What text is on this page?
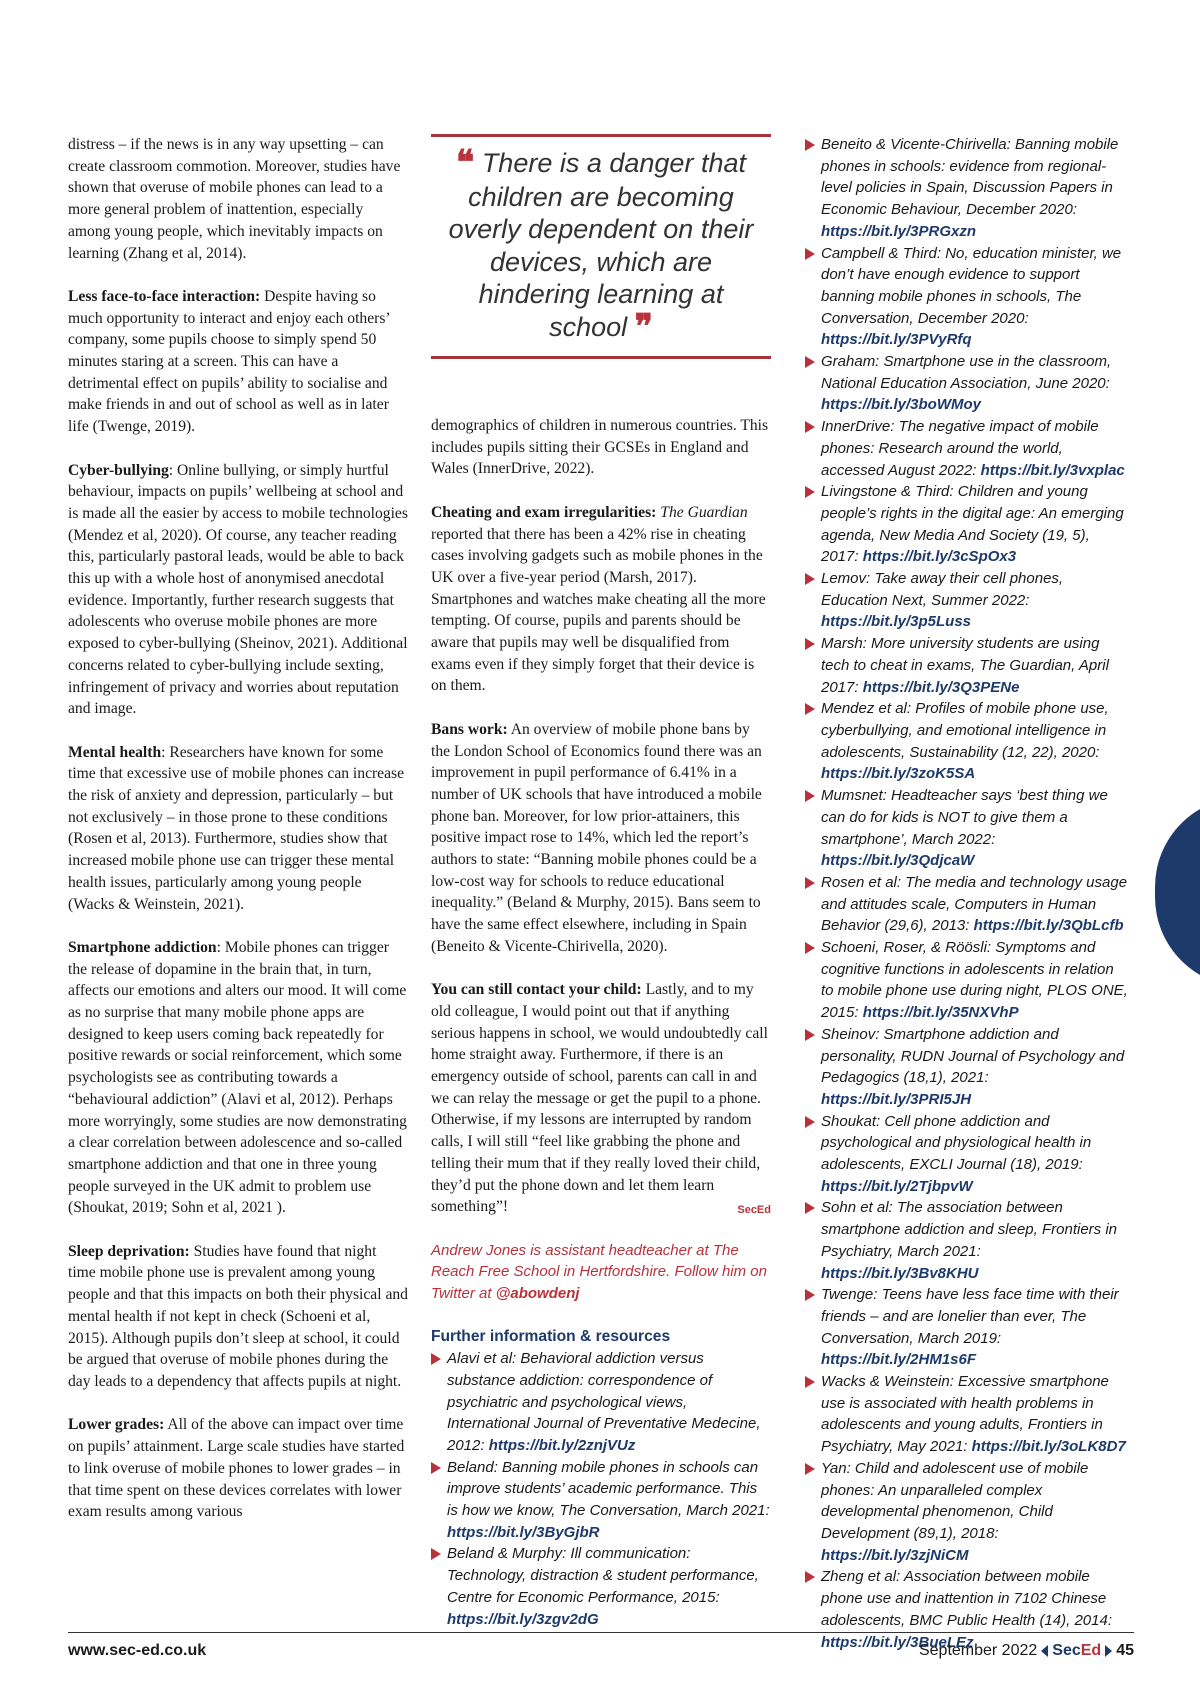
distress – if the news is in any way upsetting – can create classroom commotion. Moreover, studies have shown that overuse of mobile phones can lead to a more general problem of inattention, especially among young people, which inevitably impacts on learning (Zhang et al, 2014).

Less face-to-face interaction: Despite having so much opportunity to interact and enjoy each others’ company, some pupils choose to simply spend 50 minutes staring at a screen. This can have a detrimental effect on pupils’ ability to socialise and make friends in and out of school as well as in later life (Twenge, 2019).

Cyber-bullying: Online bullying, or simply hurtful behaviour, impacts on pupils’ wellbeing at school and is made all the easier by access to mobile technologies (Mendez et al, 2020). Of course, any teacher reading this, particularly pastoral leads, would be able to back this up with a whole host of anonymised anecdotal evidence. Importantly, further research suggests that adolescents who overuse mobile phones are more exposed to cyber-bullying (Sheinov, 2021). Additional concerns related to cyber-bullying include sexting, infringement of privacy and worries about reputation and image.

Mental health: Researchers have known for some time that excessive use of mobile phones can increase the risk of anxiety and depression, particularly – but not exclusively – in those prone to these conditions (Rosen et al, 2013). Furthermore, studies show that increased mobile phone use can trigger these mental health issues, particularly among young people (Wacks & Weinstein, 2021).

Smartphone addiction: Mobile phones can trigger the release of dopamine in the brain that, in turn, affects our emotions and alters our mood. It will come as no surprise that many mobile phone apps are designed to keep users coming back repeatedly for positive rewards or social reinforcement, which some psychologists see as contributing towards a “behavioural addiction” (Alavi et al, 2012). Perhaps more worryingly, some studies are now demonstrating a clear correlation between adolescence and so-called smartphone addiction and that one in three young people surveyed in the UK admit to problem use (Shoukat, 2019; Sohn et al, 2021 ).

Sleep deprivation: Studies have found that night time mobile phone use is prevalent among young people and that this impacts on both their physical and mental health if not kept in check (Schoeni et al, 2015). Although pupils don’t sleep at school, it could be argued that overuse of mobile phones during the day leads to a dependency that affects pupils at night.

Lower grades: All of the above can impact over time on pupils’ attainment. Large scale studies have started to link overuse of mobile phones to lower grades – in that time spent on these devices correlates with lower exam results among various

❝ There is a danger that children are becoming overly dependent on their devices, which are hindering learning at school ❞

demographics of children in numerous countries. This includes pupils sitting their GCSEs in England and Wales (InnerDrive, 2022).

Cheating and exam irregularities: The Guardian reported that there has been a 42% rise in cheating cases involving gadgets such as mobile phones in the UK over a five-year period (Marsh, 2017). Smartphones and watches make cheating all the more tempting. Of course, pupils and parents should be aware that pupils may well be disqualified from exams even if they simply forget that their device is on them.

Bans work: An overview of mobile phone bans by the London School of Economics found there was an improvement in pupil performance of 6.41% in a number of UK schools that have introduced a mobile phone ban. Moreover, for low prior-attainers, this positive impact rose to 14%, which led the report’s authors to state: “Banning mobile phones could be a low-cost way for schools to reduce educational inequality.” (Beland & Murphy, 2015). Bans seem to have the same effect elsewhere, including in Spain (Beneito & Vicente-Chirivella, 2020).

You can still contact your child: Lastly, and to my old colleague, I would point out that if anything serious happens in school, we would undoubtedly call home straight away. Furthermore, if there is an emergency outside of school, parents can call in and we can relay the message or get the pupil to a phone. Otherwise, if my lessons are interrupted by random calls, I will still “feel like grabbing the phone and telling their mum that if they really loved their child, they’d put the phone down and let them learn something”!	SecEd

Andrew Jones is assistant headteacher at The Reach Free School in Hertfordshire. Follow him on Twitter at @abowdenj

Further information & resources

Alavi et al: Behavioral addiction versus substance addiction: correspondence of psychiatric and psychological views, International Journal of Preventative Medecine, 2012: https://bit.ly/2znjVUz
Beland: Banning mobile phones in schools can improve students’ academic performance. This is how we know, The Conversation, March 2021: https://bit.ly/3ByGjbR
Beland & Murphy: Ill communication: Technology, distraction & student performance, Centre for Economic Performance, 2015: https://bit.ly/3zgv2dG
Beneito & Vicente-Chirivella: Banning mobile phones in schools: evidence from regional-level policies in Spain, Discussion Papers in Economic Behaviour, December 2020: https://bit.ly/3PRGxzn
Campbell & Third: No, education minister, we don’t have enough evidence to support banning mobile phones in schools, The Conversation, December 2020: https://bit.ly/3PVyRfq
Graham: Smartphone use in the classroom, National Education Association, June 2020: https://bit.ly/3boWMoy
InnerDrive: The negative impact of mobile phones: Research around the world, accessed August 2022: https://bit.ly/3vxplac
Livingstone & Third: Children and young people’s rights in the digital age: An emerging agenda, New Media And Society (19, 5), 2017: https://bit.ly/3cSpOx3
Lemov: Take away their cell phones, Education Next, Summer 2022: https://bit.ly/3p5Luss
Marsh: More university students are using tech to cheat in exams, The Guardian, April 2017: https://bit.ly/3Q3PENe
Mendez et al: Profiles of mobile phone use, cyberbullying, and emotional intelligence in adolescents, Sustainability (12, 22), 2020: https://bit.ly/3zoK5SA
Mumsnet: Headteacher says ‘best thing we can do for kids is NOT to give them a smartphone’, March 2022: https://bit.ly/3QdjcaW
Rosen et al: The media and technology usage and attitudes scale, Computers in Human Behavior (29,6), 2013: https://bit.ly/3QbLcfb
Schoeni, Roser, & Röösli: Symptoms and cognitive functions in adolescents in relation to mobile phone use during night, PLOS ONE, 2015: https://bit.ly/35NXVhP
Sheinov: Smartphone addiction and personality, RUDN Journal of Psychology and Pedagogics (18,1), 2021: https://bit.ly/3PRI5JH
Shoukat: Cell phone addiction and psychological and physiological health in adolescents, EXCLI Journal (18), 2019: https://bit.ly/2TjbpvW
Sohn et al: The association between smartphone addiction and sleep, Frontiers in Psychiatry, March 2021: https://bit.ly/3Bv8KHU
Twenge: Teens have less face time with their friends – and are lonelier than ever, The Conversation, March 2019: https://bit.ly/2HM1s6F
Wacks & Weinstein: Excessive smartphone use is associated with health problems in adolescents and young adults, Frontiers in Psychiatry, May 2021: https://bit.ly/3oLK8D7
Yan: Child and adolescent use of mobile phones: An unparalleled complex developmental phenomenon, Child Development (89,1), 2018: https://bit.ly/3zjNiCM
Zheng et al: Association between mobile phone use and inattention in 7102 Chinese adolescents, BMC Public Health (14), 2014: https://bit.ly/3BueLEz
www.sec-ed.co.uk	September 2022 SecEd 45
